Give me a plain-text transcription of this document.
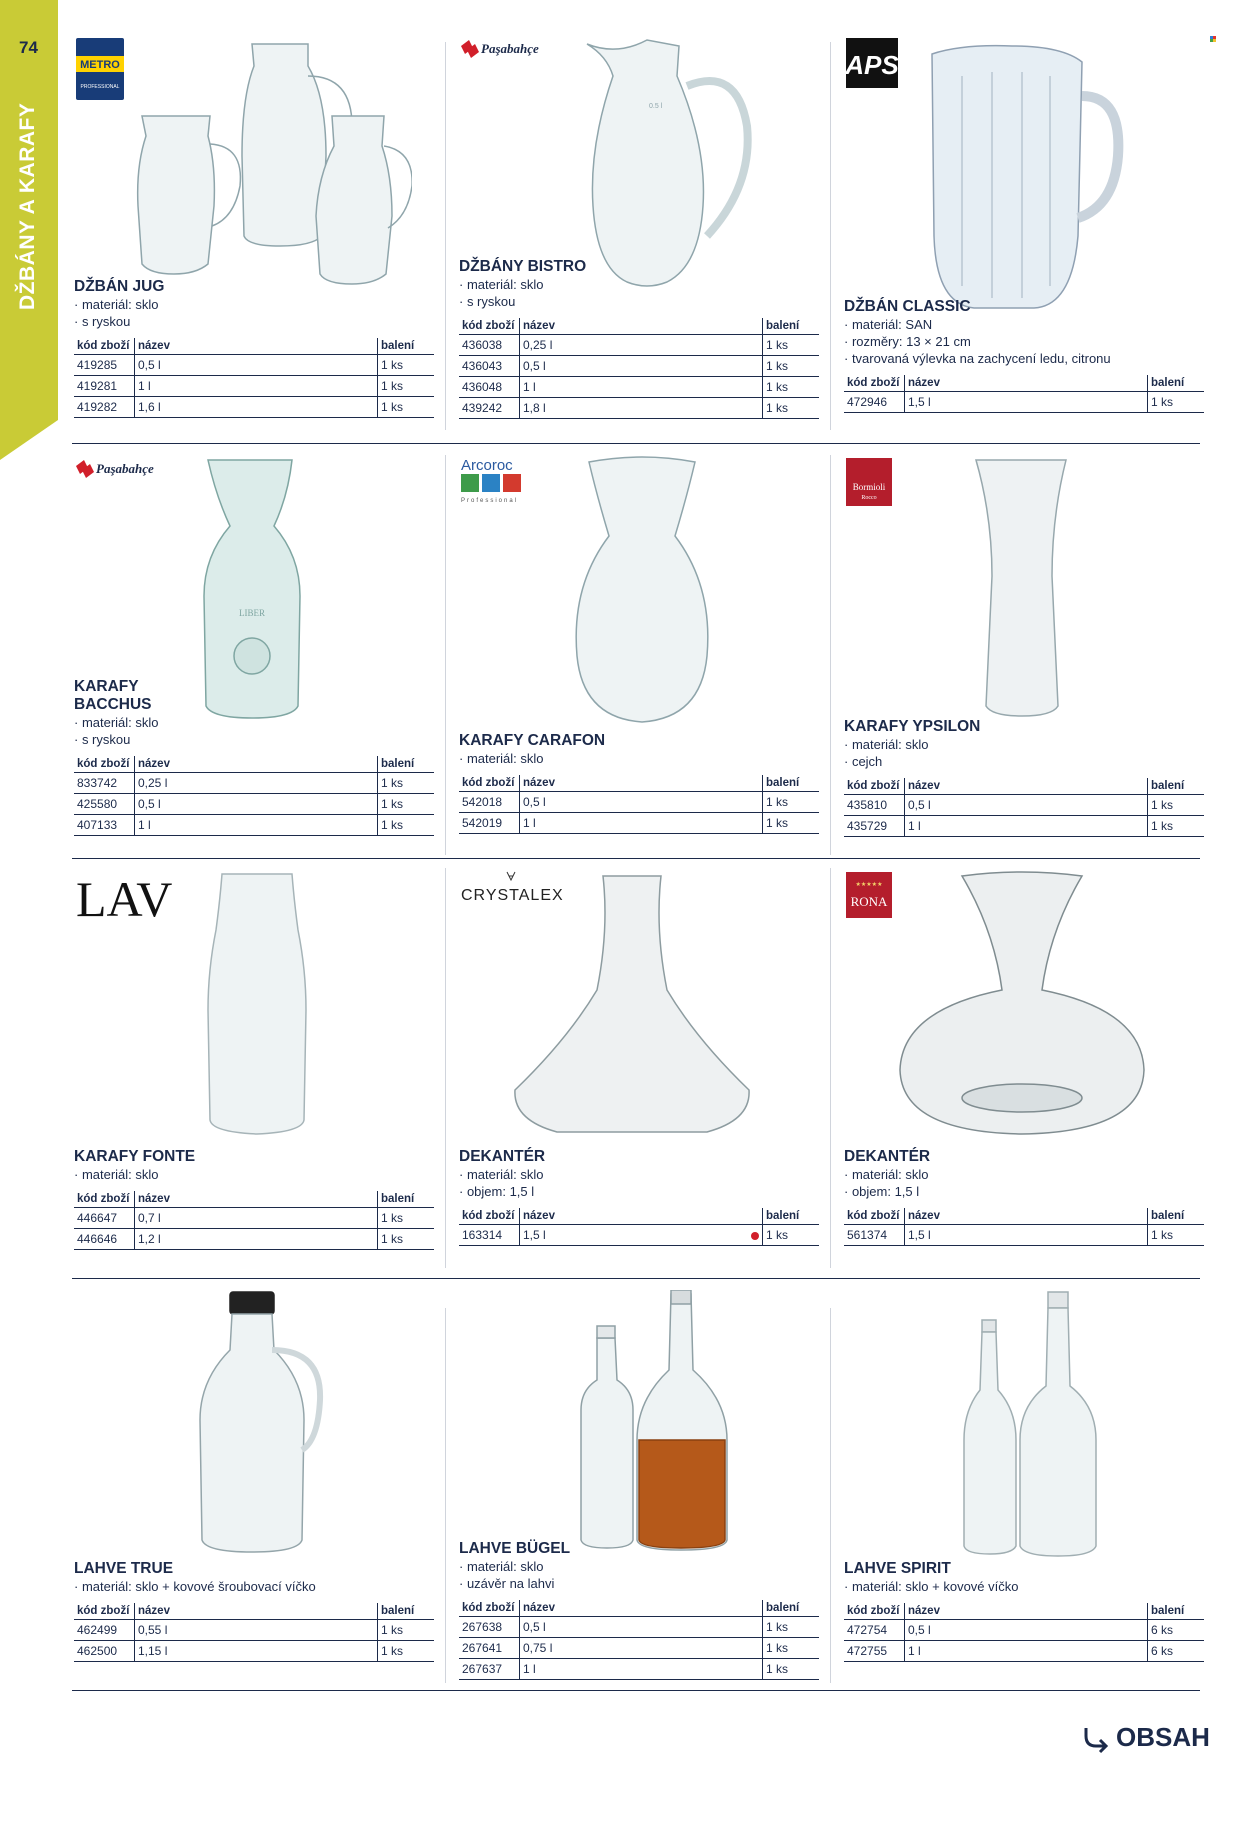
74
DŽBÁNY A KARAFY
METRO
PROFESSIONAL
DŽBÁN JUG
· materiál: sklo
· s ryskou
kód zboží	název	balení
419285	0,5 l	1 ks
419281	1 l	1 ks
419282	1,6 l	1 ks
Paşabahçe
0.5 l
DŽBÁNY BISTRO
· materiál: sklo
· s ryskou
kód zboží	název	balení
436038	0,25 l	1 ks
436043	0,5 l	1 ks
436048	1 l	1 ks
439242	1,8 l	1 ks
APS
DŽBÁN CLASSIC
· materiál: SAN
· rozměry: 13 × 21 cm
· tvarovaná výlevka na zachycení ledu, citronu
kód zboží	název	balení
472946	1,5 l	1 ks
Paşabahçe
LIBER
KARAFY BACCHUS
· materiál: sklo
· s ryskou
kód zboží	název	balení
833742	0,25 l	1 ks
425580	0,5 l	1 ks
407133	1 l	1 ks
Arcoroc
Professional
KARAFY CARAFON
· materiál: sklo
kód zboží	název	balení
542018	0,5 l	1 ks
542019	1 l	1 ks
Bormioli
Rocco
KARAFY YPSILON
· materiál: sklo
· cejch
kód zboží	název	balení
435810	0,5 l	1 ks
435729	1 l	1 ks
LAV
KARAFY FONTE
· materiál: sklo
kód zboží	název	balení
446647	0,7 l	1 ks
446646	1,2 l	1 ks
CRYSTALEX
DEKANTÉR
· materiál: sklo
· objem: 1,5 l
kód zboží	název	balení
163314	1,5 l	1 ks
★★★★★
RONA
DEKANTÉR
· materiál: sklo
· objem: 1,5 l
kód zboží	název	balení
561374	1,5 l	1 ks
LAHVE TRUE
· materiál: sklo + kovové šroubovací víčko
kód zboží	název	balení
462499	0,55 l	1 ks
462500	1,15 l	1 ks
LAHVE BÜGEL
· materiál: sklo
· uzávěr na lahvi
kód zboží	název	balení
267638	0,5 l	1 ks
267641	0,75 l	1 ks
267637	1 l	1 ks
LAHVE SPIRIT
· materiál: sklo + kovové víčko
kód zboží	název	balení
472754	0,5 l	6 ks
472755	1 l	6 ks
OBSAH
